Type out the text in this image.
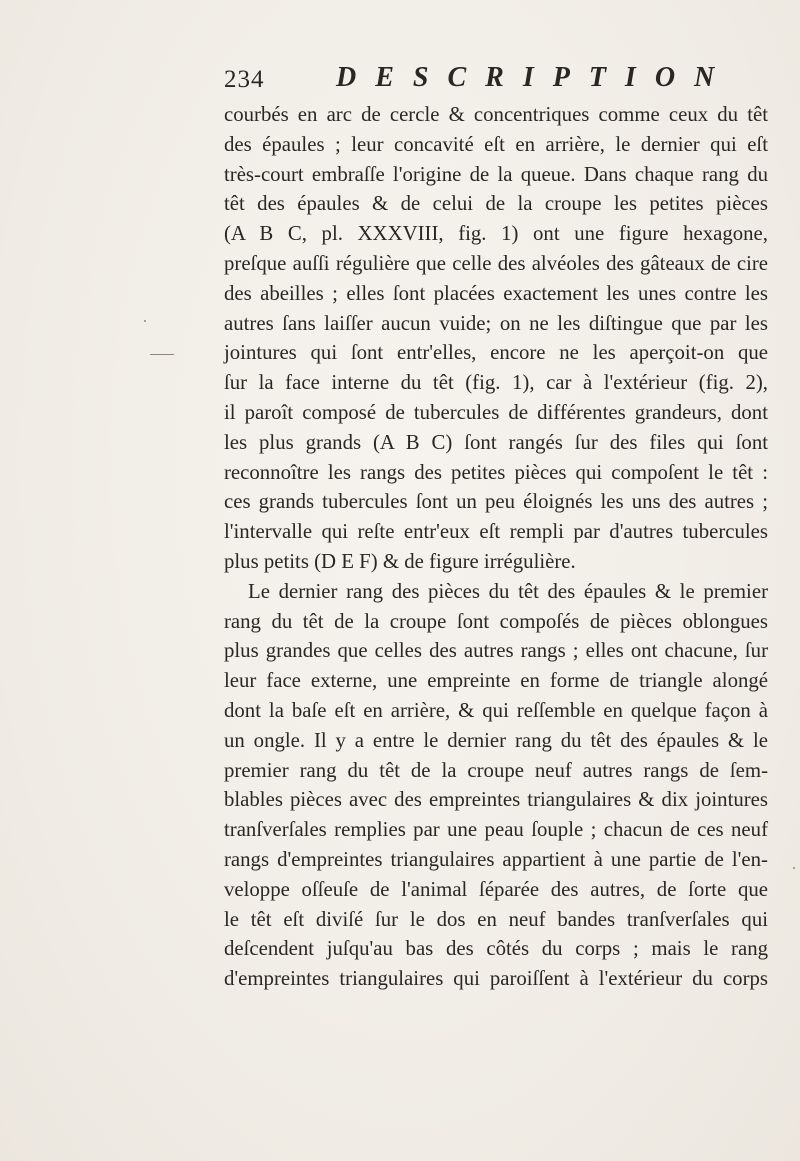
234	DESCRIPTION
courbés en arc de cercle & concentriques comme ceux du têt
des épaules ; leur concavité eſt en arrière, le dernier qui eſt
très-court embraſſe l'origine de la queue. Dans chaque rang du
têt des épaules & de celui de la croupe les petites pièces
(A B C, pl. XXXVIII, fig. 1) ont une figure hexagone,
preſque auſſi régulière que celle des alvéoles des gâteaux de cire
des abeilles ; elles ſont placées exactement les unes contre les
autres ſans laiſſer aucun vuide; on ne les diſtingue que par les
jointures qui ſont entr'elles, encore ne les aperçoit-on que
ſur la face interne du têt (fig. 1), car à l'extérieur (fig. 2),
il paroît composé de tubercules de différentes grandeurs, dont
les plus grands (A B C) ſont rangés ſur des files qui ſont
reconnoître les rangs des petites pièces qui compoſent le têt :
ces grands tubercules ſont un peu éloignés les uns des autres ;
l'intervalle qui reſte entr'eux eſt rempli par d'autres tubercules
plus petits (D E F) & de figure irrégulière.
Le dernier rang des pièces du têt des épaules & le premier
rang du têt de la croupe ſont compoſés de pièces oblongues
plus grandes que celles des autres rangs ; elles ont chacune, ſur
leur face externe, une empreinte en forme de triangle alongé
dont la baſe eſt en arrière, & qui reſſemble en quelque façon à
un ongle. Il y a entre le dernier rang du têt des épaules & le
premier rang du têt de la croupe neuf autres rangs de ſem-
blables pièces avec des empreintes triangulaires & dix jointures
tranſverſales remplies par une peau ſouple ; chacun de ces neuf
rangs d'empreintes triangulaires appartient à une partie de l'en-
veloppe oſſeuſe de l'animal ſéparée des autres, de ſorte que
le têt eſt diviſé ſur le dos en neuf bandes tranſverſales qui
deſcendent juſqu'au bas des côtés du corps ; mais le rang
d'empreintes triangulaires qui paroiſſent à l'extérieur du corps
